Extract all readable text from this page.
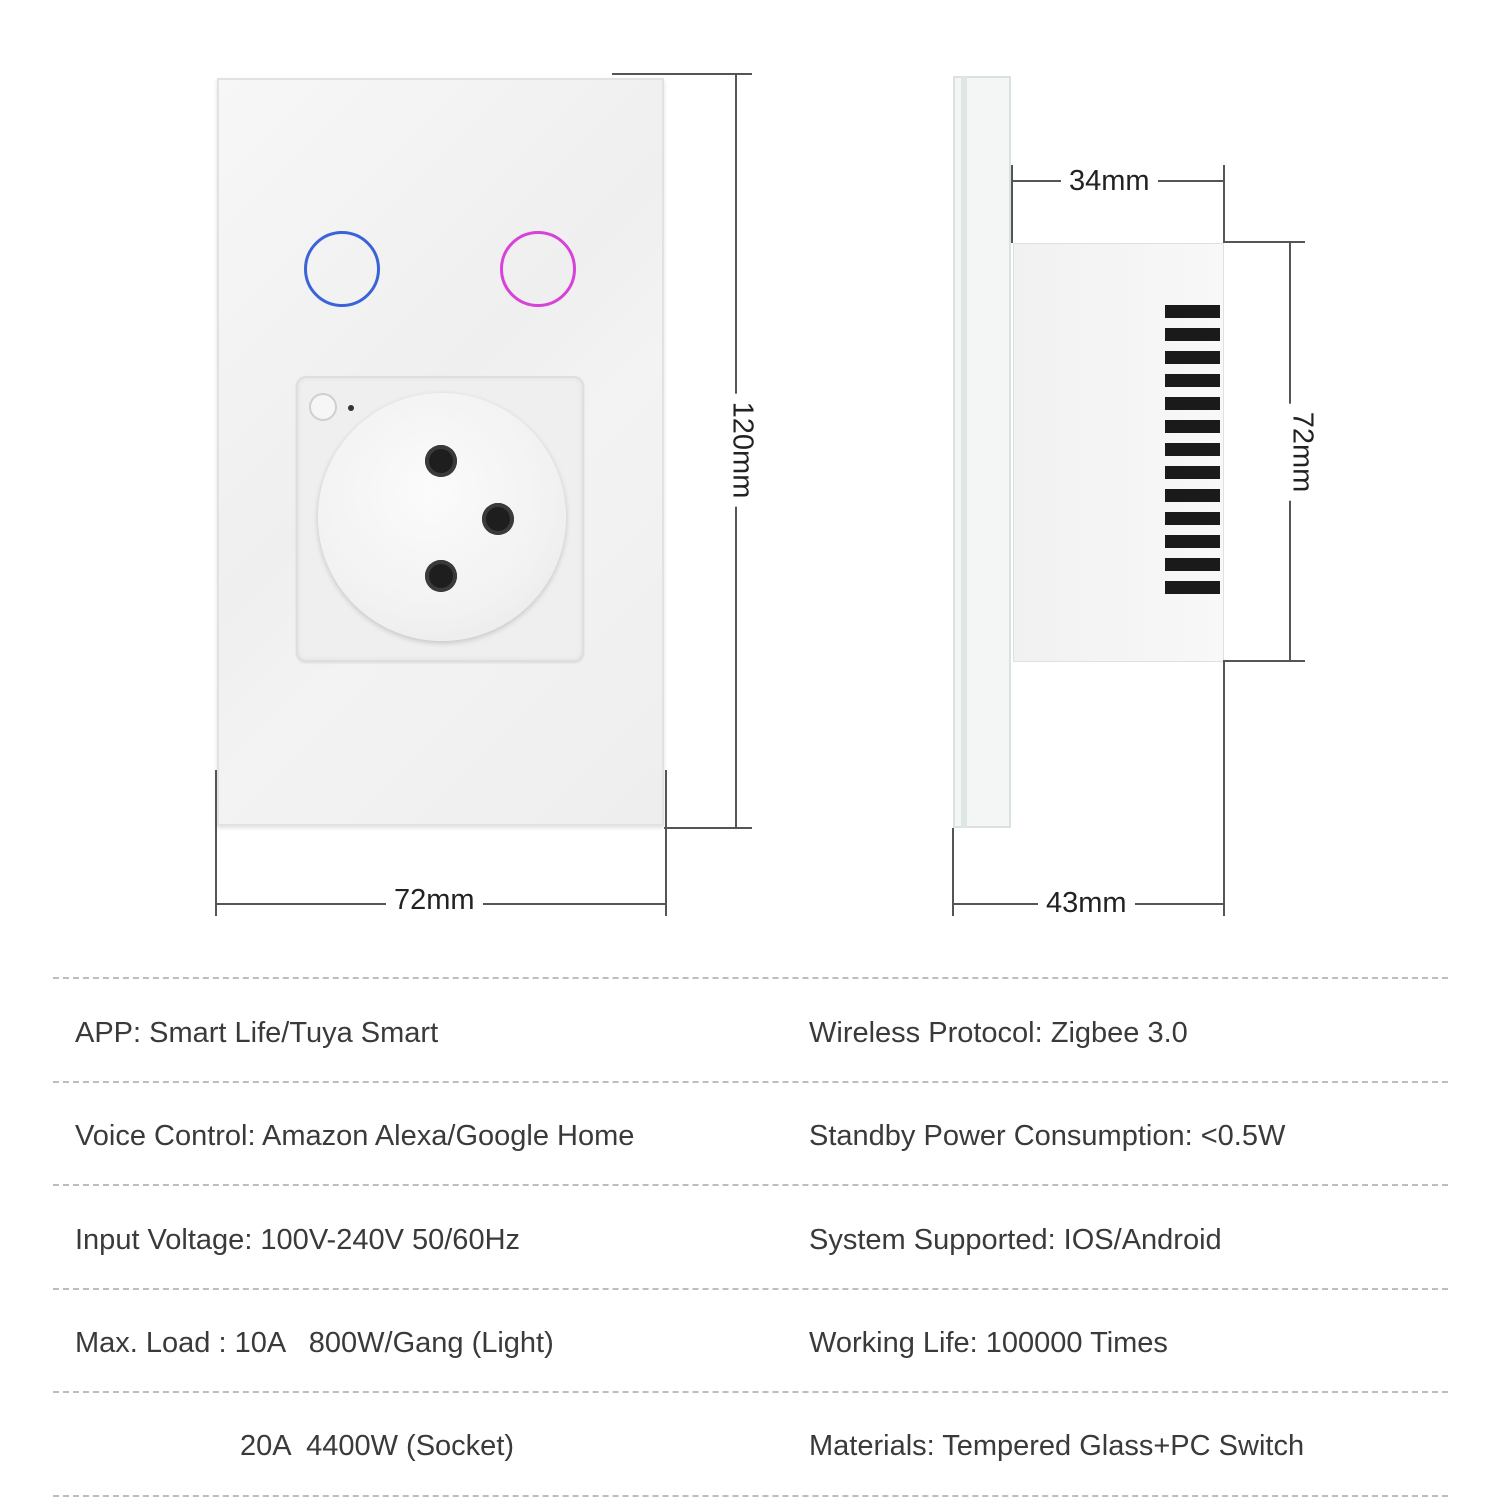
120mm
72mm
34mm
72mm
43mm
APP: Smart Life/Tuya Smart
Voice Control: Amazon Alexa/Google Home
Input Voltage: 100V-240V 50/60Hz
Max. Load : 10A   800W/Gang (Light)
20A  4400W (Socket)
Wireless Protocol: Zigbee 3.0
Standby Power Consumption: <0.5W
System Supported: IOS/Android
Working Life: 100000 Times
Materials: Tempered Glass+PC Switch
